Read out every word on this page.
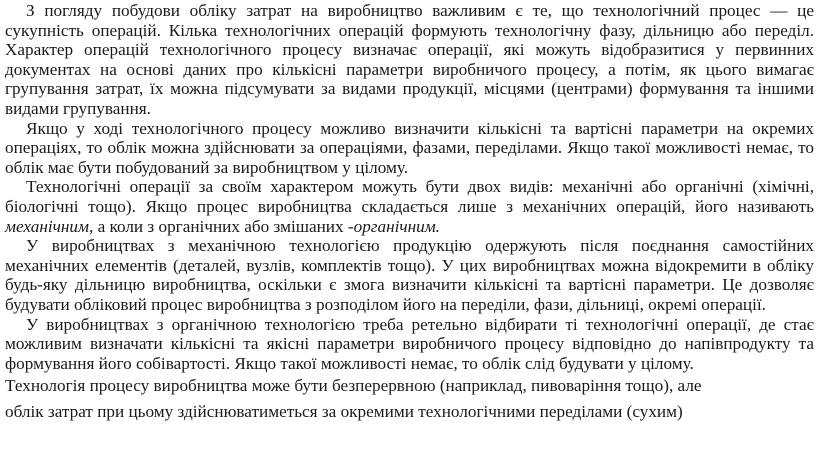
З погляду побудови обліку затрат на виробництво важливим є те, що технологічний процес — це сукупність операцій. Кілька технологічних операцій формують технологічну фазу, дільницю або переділ. Характер операцій технологічного процесу визначає операції, які можуть відобразитися у первинних документах на основі даних про кількісні параметри виробничого процесу, а потім, як цього вимагає групування затрат, їх можна підсумувати за видами продукції, місцями (центрами) формування та іншими видами групування.

Якщо у ході технологічного процесу можливо визначити кількісні та вартісні параметри на окремих операціях, то облік можна здійснювати за операціями, фазами, переділами. Якщо такої можливості немає, то облік має бути побудований за виробництвом у цілому.

Технологічні операції за своїм характером можуть бути двох видів: механічні або органічні (хімічні, біологічні тощо). Якщо процес виробництва складається лише з механічних операцій, його називають механічним, а коли з органічних або змішаних -органічним.

У виробництвах з механічною технологією продукцію одержують після поєднання самостійних механічних елементів (деталей, вузлів, комплектів тощо). У цих виробництвах можна відокремити в обліку будь-яку дільницю виробництва, оскільки є змога визначити кількісні та вартісні параметри. Це дозволяє будувати обліковий процес виробництва з розподілом його на переділи, фази, дільниці, окремі операції.

У виробництвах з органічною технологією треба ретельно відбирати ті технологічні операції, де стає можливим визначати кількісні та якісні параметри виробничого процесу відповідно до напівпродукту та формування його собівартості. Якщо такої можливості немає, то облік слід будувати у цілому.

Технологія процесу виробництва може бути безперервною (наприклад, пивоваріння тощо), але
облік затрат при цьому здійснюватиметься за окремими технологічними переділами (сухим)
